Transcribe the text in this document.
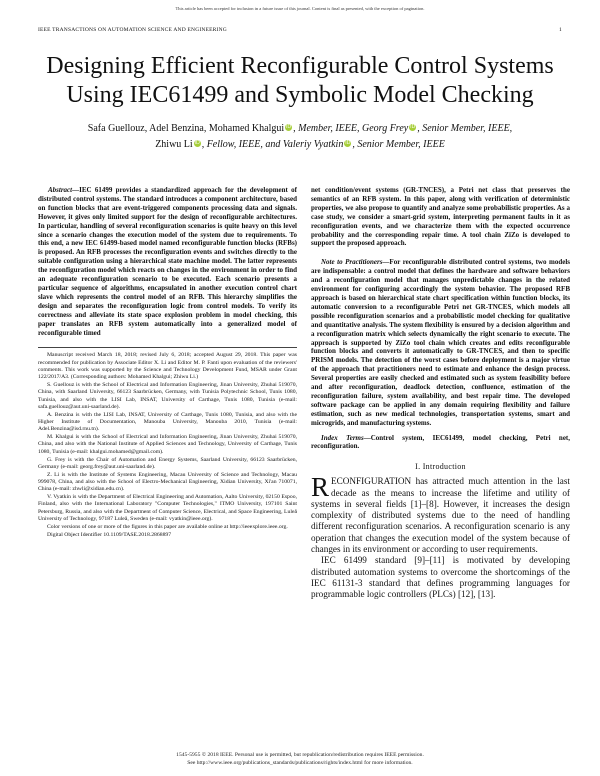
This article has been accepted for inclusion in a future issue of this journal. Content is final as presented, with the exception of pagination.
IEEE TRANSACTIONS ON AUTOMATION SCIENCE AND ENGINEERING	1
Designing Efficient Reconfigurable Control Systems Using IEC61499 and Symbolic Model Checking
Safa Guellouz, Adel Benzina, Mohamed Khalgui iD , Member, IEEE, Georg Frey iD , Senior Member, IEEE,
Zhiwu Li iD , Fellow, IEEE, and Valeriy Vyatkin iD , Senior Member, IEEE

Abstract—IEC 61499 provides a standardized approach for the development of distributed control systems. The standard introduces a component architecture, based on function blocks that are event-triggered components processing data and signals. However, it gives only limited support for the design of reconfigurable architectures. In particular, handling of several reconfiguration scenarios is quite heavy on this level since a scenario changes the execution model of the system due to requirements. To this end, a new IEC 61499-based model named reconfigurable function blocks (RFBs) is proposed. An RFB processes the reconfiguration events and switches directly to the suitable configuration using a hierarchical state machine model. The latter represents the reconfiguration model which reacts on changes in the environment in order to find an adequate reconfiguration scenario to be executed. Each scenario presents a particular sequence of algorithms, encapsulated in another execution control chart slave which represents the control model of an RFB. This hierarchy simplifies the design and separates the reconfiguration logic from control models. To verify its correctness and alleviate its state space explosion problem in model checking, this paper translates an RFB system automatically into a generalized model of reconfigurable timed

Manuscript received March 18, 2018; revised July 6, 2018; accepted August 29, 2018. This paper was recommended for publication by Associate Editor X. Li and Editor M. P. Fanti upon evaluation of the reviewers' comments. This work was supported by the Science and Technology Development Fund, MSAR under Grant 122/2017/A3. (Corresponding authors: Mohamed Khalgui; Zhiwu Li.)

S. Guellouz is with the School of Electrical and Information Engineering, Jinan University, Zhuhai 519070, China, with Saarland University, 66123 Saarbrücken, Germany, with Tunisia Polytechnic School, Tunis 1080, Tunisia, and also with the LISI Lab, INSAT, University of Carthage, Tunis 1080, Tunisia (e-mail: safa.guellouz@aut.uni-saarland.de).

A. Benzina is with the LISI Lab, INSAT, University of Carthage, Tunis 1080, Tunisia, and also with the Higher Institute of Documentation, Manouba University, Manouba 2010, Tunisia (e-mail: Adel.Benzina@isd.rnu.tn).

M. Khalgui is with the School of Electrical and Information Engineering, Jinan University, Zhuhai 519070, China, and also with the National Institute of Applied Sciences and Technology, University of Carthage, Tunis 1080, Tunisia (e-mail: khalgui.mohamed@gmail.com).

G. Frey is with the Chair of Automation and Energy Systems, Saarland University, 66123 Saarbrücken, Germany (e-mail: georg.frey@aut.uni-saarland.de).

Z. Li is with the Institute of Systems Engineering, Macau University of Science and Technology, Macau 999078, China, and also with the School of Electro-Mechanical Engineering, Xidian University, Xi'an 710071, China (e-mail: zhwli@xidian.edu.cn).

V. Vyatkin is with the Department of Electrical Engineering and Automation, Aalto University, 02150 Espoo, Finland, also with the International Laboratory "Computer Technologies," ITMO University, 197101 Saint Petersburg, Russia, and also with the Department of Computer Science, Electrical, and Space Engineering, Luleå University of Technology, 97187 Luleå, Sweden (e-mail: vyatkin@ieee.org).

Color versions of one or more of the figures in this paper are available online at http://ieeexplore.ieee.org.

Digital Object Identifier 10.1109/TASE.2018.2868897

net condition/event systems (GR-TNCES), a Petri net class that preserves the semantics of an RFB system. In this paper, along with verification of deterministic properties, we also propose to quantify and analyze some probabilistic properties. As a case study, we consider a smart-grid system, interpreting permanent faults in it as reconfiguration events, and we characterize them with the expected occurrence probability and the corresponding repair time. A tool chain ZiZo is developed to support the proposed approach.

Note to Practitioners—For reconfigurable distributed control systems, two models are indispensable: a control model that defines the hardware and software behaviors and a reconfiguration model that manages unpredictable changes in the related environment for configuring accordingly the system behavior. The proposed RFB approach is based on hierarchical state chart specification within function blocks, its automatic conversion to a reconfigurable Petri net GR-TNCES, which models all possible reconfiguration scenarios and a probabilistic model checking for qualitative and quantitative analysis. The system flexibility is ensured by a decision algorithm and a reconfiguration matrix which selects dynamically the right scenario to execute. The approach is supported by ZiZo tool chain which creates and edits reconfigurable function blocks and converts it automatically to GR-TNCES, and then to specific PRISM models. The detection of the worst cases before deployment is a major virtue of the approach that practitioners need to estimate and enhance the design process. Several properties are easily checked and estimated such as system feasibility before and after reconfiguration, deadlock detection, confluence, estimation of the reconfiguration failure, system availability, and best repair time. The developed software package can be applied in any domain requiring flexibility and failure estimation, such as new medical technologies, transportation systems, smart and microgrids, and manufacturing systems.

Index Terms—Control system, IEC61499, model checking, Petri net, reconfiguration.

I. Introduction

RECONFIGURATION has attracted much attention in the last decade as the means to increase the lifetime and utility of systems in several fields [1]–[8]. However, it increases the design complexity of distributed systems due to the need of handling different reconfiguration scenarios. A reconfiguration scenario is any operation that changes the execution model of the system because of changes in its environment or according to user requirements.

IEC 61499 standard [9]–[11] is motivated by developing distributed automation systems to overcome the shortcomings of the IEC 61131-3 standard that defines programming languages for programmable logic controllers (PLCs) [12], [13].

1545-5955 © 2018 IEEE. Personal use is permitted, but republication/redistribution requires IEEE permission.
See http://www.ieee.org/publications_standards/publications/rights/index.html for more information.
